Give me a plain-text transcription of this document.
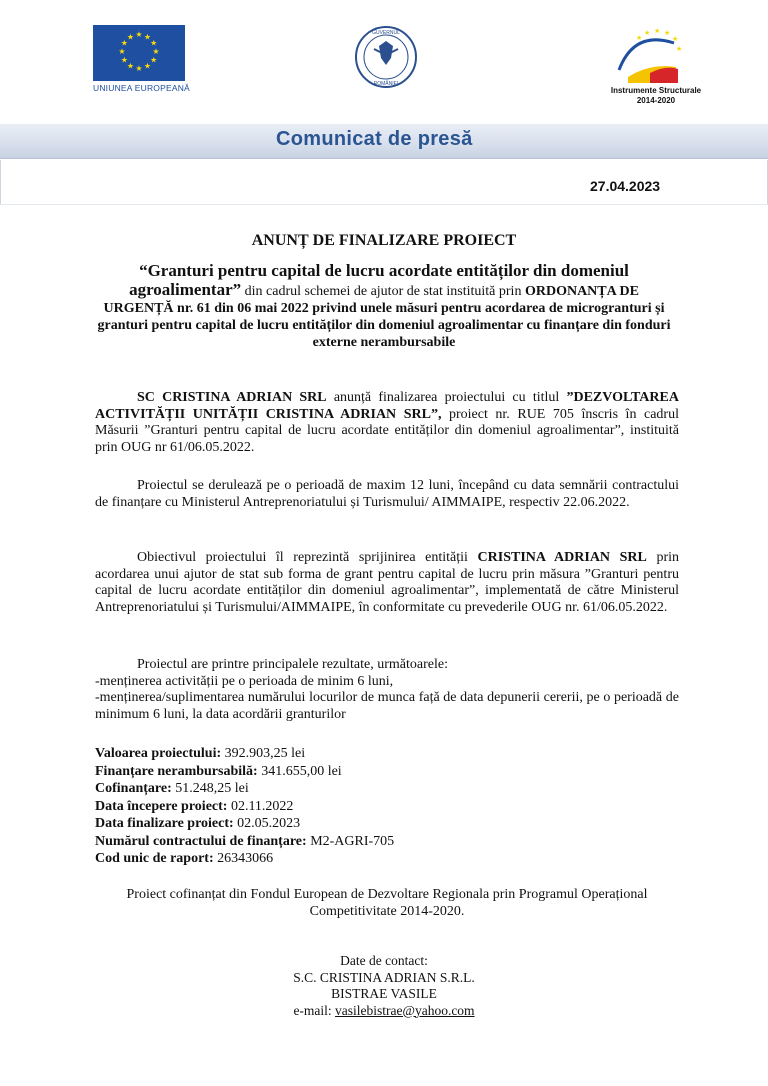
★ ★
★
★
★
★
★
★
★
★
★
★
UNIUNEA EUROPEANĂ
GUVERNUL
ROMÂNIEI
★ ★ ★
★
★
★
Instrumente Structurale
2014-2020
Comunicat de presă
27.04.2023
ANUNȚ DE FINALIZARE PROIECT
“Granturi pentru capital de lucru acordate entităților din domeniul agroalimentar” din cadrul schemei de ajutor de stat instituită prin ORDONANȚA DE URGENȚĂ nr. 61 din 06 mai 2022 privind unele măsuri pentru acordarea de microgranturi și granturi pentru capital de lucru entităților din domeniul agroalimentar cu finanțare din fonduri externe nerambursabile
SC CRISTINA ADRIAN SRL anunță finalizarea proiectului cu titlul ”DEZVOLTAREA ACTIVITĂȚII UNITĂȚII CRISTINA ADRIAN SRL”, proiect nr. RUE 705 înscris în cadrul Măsurii ”Granturi pentru capital de lucru acordate entităților din domeniul agroalimentar”, instituită prin OUG nr 61/06.05.2022.
Proiectul se derulează pe o perioadă de maxim 12 luni, începând cu data semnării contractului de finanțare cu Ministerul Antreprenoriatului și Turismului/ AIMMAIPE, respectiv 22.06.2022.
Obiectivul proiectului îl reprezintă sprijinirea entității CRISTINA ADRIAN SRL prin acordarea unui ajutor de stat sub forma de grant pentru capital de lucru prin măsura ”Granturi pentru capital de lucru acordate entităților din domeniul agroalimentar”, implementată de către Ministerul Antreprenoriatului și Turismului/AIMMAIPE, în conformitate cu prevederile OUG nr. 61/06.05.2022.
Proiectul are printre principalele rezultate, următoarele:
-menținerea activității pe o perioada de minim 6 luni,
-menținerea/suplimentarea numărului locurilor de munca față de data depunerii cererii, pe o perioadă de minimum 6 luni, la data acordării granturilor
Valoarea proiectului: 392.903,25 lei
Finanțare nerambursabilă: 341.655,00 lei
Cofinanțare: 51.248,25 lei
Data începere proiect: 02.11.2022
Data finalizare proiect: 02.05.2023
Numărul contractului de finanțare: M2-AGRI-705
Cod unic de raport: 26343066
Proiect cofinanțat din Fondul European de Dezvoltare Regionala prin Programul Operațional Competitivitate 2014-2020.
Date de contact:
S.C. CRISTINA ADRIAN S.R.L.
BISTRAE VASILE
e-mail: vasilebistrae@yahoo.com
